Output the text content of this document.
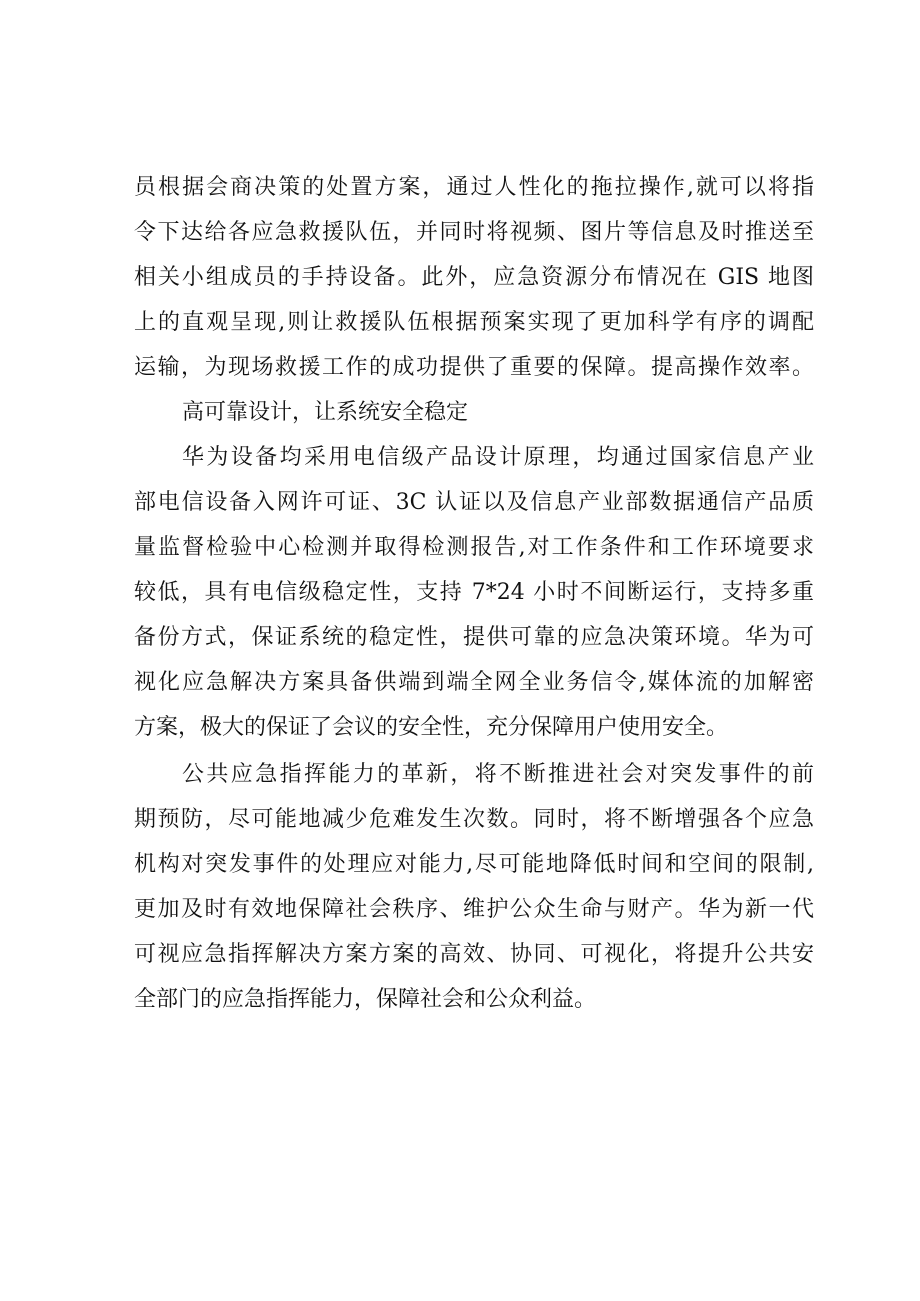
员根据会商决策的处置方案，通过人性化的拖拉操作,就可以将指
令下达给各应急救援队伍，并同时将视频、图片等信息及时推送至
相关小组成员的手持设备。此外，应急资源分布情况在 GIS 地图
上的直观呈现,则让救援队伍根据预案实现了更加科学有序的调配
运输，为现场救援工作的成功提供了重要的保障。提高操作效率。
高可靠设计，让系统安全稳定
华为设备均采用电信级产品设计原理，均通过国家信息产业
部电信设备入网许可证、3C 认证以及信息产业部数据通信产品质
量监督检验中心检测并取得检测报告,对工作条件和工作环境要求
较低，具有电信级稳定性，支持 7*24 小时不间断运行，支持多重
备份方式，保证系统的稳定性，提供可靠的应急决策环境。华为可
视化应急解决方案具备供端到端全网全业务信令,媒体流的加解密
方案，极大的保证了会议的安全性，充分保障用户使用安全。
公共应急指挥能力的革新，将不断推进社会对突发事件的前
期预防，尽可能地减少危难发生次数。同时，将不断增强各个应急
机构对突发事件的处理应对能力,尽可能地降低时间和空间的限制,
更加及时有效地保障社会秩序、维护公众生命与财产。华为新一代
可视应急指挥解决方案方案的高效、协同、可视化，将提升公共安
全部门的应急指挥能力，保障社会和公众利益。
